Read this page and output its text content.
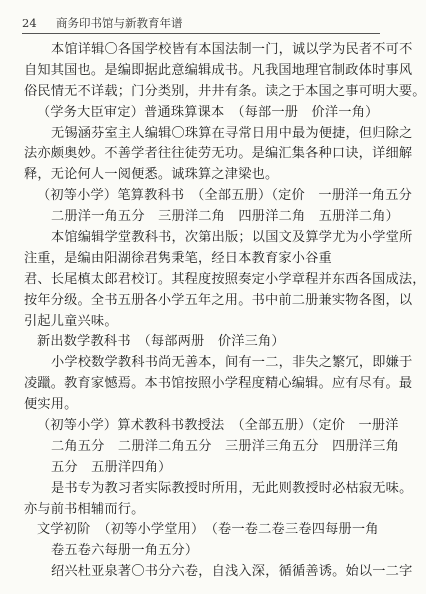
24 商务印书馆与新教育年谱
本馆详辑〇各国学校皆有本国法制一门，诚以学为民者不可不
自知其国也。是编即据此意编辑成书。凡我国地理官制政体时事风
俗民情无不详载；门分类别，井井有条。读之于本国之事可明大要。
（学务大臣审定）普通珠算课本　（每部一册　价洋一角）
无锡涵芬室主人编辑〇珠算在寻常日用中最为便捷，但归除之
法亦颇奥妙。不善学者往往徒劳无功。是编汇集各种口诀，详细解
释，无论何人一阅便悉。诚珠算之津梁也。
（初等小学）笔算教科书　（全部五册）（定价　一册洋一角五分
二册洋一角五分　三册洋二角　四册洋二角　五册洋二角）
本馆编辑学堂教科书，次第出版；以国文及算学尤为小学堂所
注重，是编由阳湖徐君隽秉笔，经日本教育家小谷重
君、长尾槙太郎君校订。其程度按照奏定小学章程并东西各国成法，
按年分级。全书五册各小学五年之用。书中前二册兼实物各图，以
引起儿童兴味。
新出数学教科书　（每部两册　价洋三角）
小学校数学教科书尚无善本，间有一二，非失之繁冗，即嫌于
凌躐。教育家憾焉。本书馆按照小学程度精心编辑。应有尽有。最
便实用。
（初等小学）算术教科书教授法　（全部五册）（定价　一册洋
二角五分　二册洋二角五分　三册洋三角五分　四册洋三角
五分　五册洋四角）
是书专为教习者实际教授时所用，无此则教授时必枯寂无味。
亦与前书相辅而行。
文学初阶　（初等小学堂用）　（卷一卷二卷三卷四每册一角
卷五卷六每册一角五分）
绍兴杜亚泉著〇书分六卷，自浅入深，循循善诱。始以一二字
